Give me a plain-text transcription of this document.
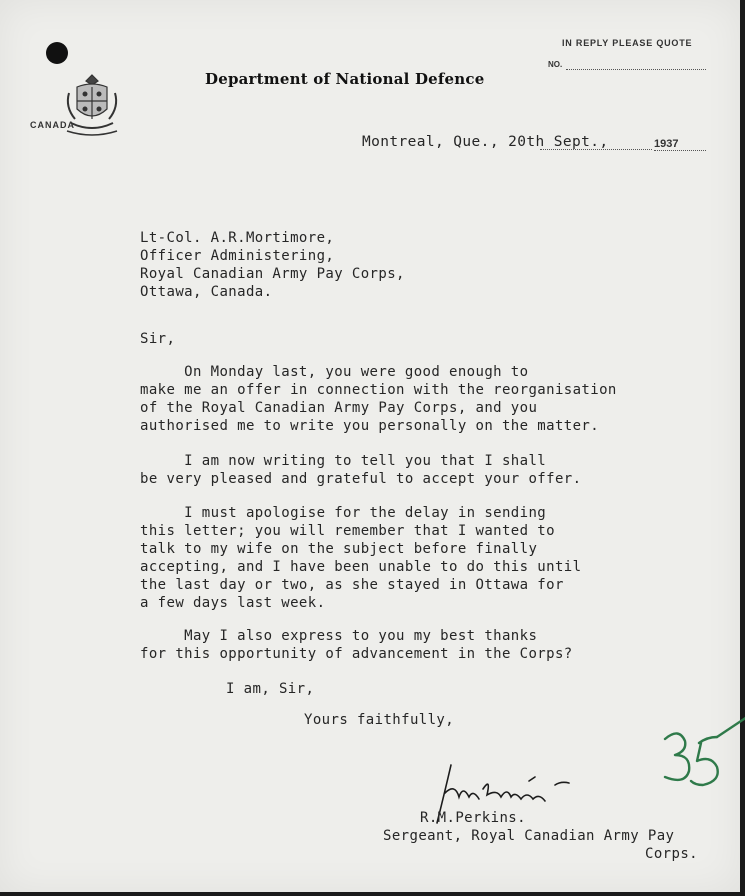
CANADA
Department of National Defence
IN REPLY PLEASE QUOTE
NO.
Montreal, Que., 20th Sept.,	1937
Lt-Col. A.R.Mortimore,
Officer Administering,
Royal Canadian Army Pay Corps,
Ottawa, Canada.
Sir,
On Monday last, you were good enough to
make me an offer in connection with the reorganisation
of the Royal Canadian Army Pay Corps, and you
authorised me to write you personally on the matter.
I am now writing to tell you that I shall
be very pleased and grateful to accept your offer.
I must apologise for the delay in sending
this letter; you will remember that I wanted to
talk to my wife on the subject before finally
accepting, and I have been unable to do this until
the last day or two, as she stayed in Ottawa for
a few days last week.
May I also express to you my best thanks
for this opportunity of advancement in the Corps?
I am, Sir,
Yours faithfully,

R.M.Perkins.
Sergeant, Royal Canadian Army Pay
Corps.
